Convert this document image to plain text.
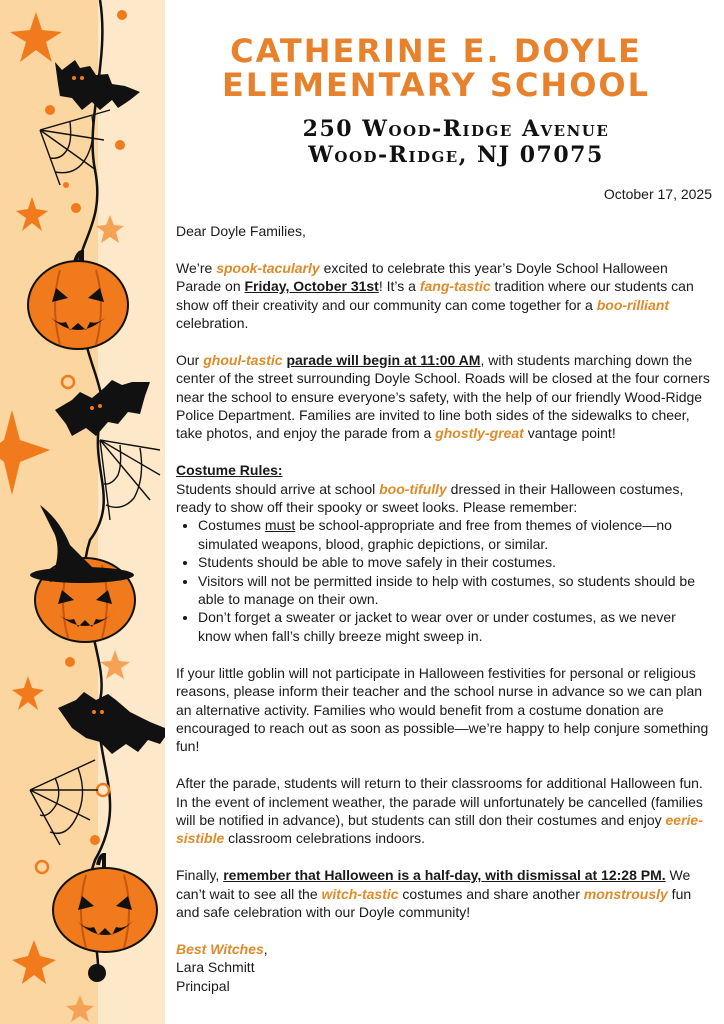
CATHERINE E. DOYLE
ELEMENTARY SCHOOL
250 Wood-Ridge Avenue
Wood-Ridge, NJ 07075
October 17, 2025

Dear Doyle Families,

We’re spook-tacularly excited to celebrate this year’s Doyle School Halloween Parade on Friday, October 31st! It’s a fang-tastic tradition where our students can show off their creativity and our community can come together for a boo-rilliant celebration.

Our ghoul-tastic parade will begin at 11:00 AM, with students marching down the center of the street surrounding Doyle School. Roads will be closed at the four corners near the school to ensure everyone’s safety, with the help of our friendly Wood-Ridge Police Department. Families are invited to line both sides of the sidewalks to cheer, take photos, and enjoy the parade from a ghostly-great vantage point!

Costume Rules:
Students should arrive at school boo-tifully dressed in their Halloween costumes, ready to show off their spooky or sweet looks. Please remember:
• Costumes must be school-appropriate and free from themes of violence—no simulated weapons, blood, graphic depictions, or similar.
• Students should be able to move safely in their costumes.
• Visitors will not be permitted inside to help with costumes, so students should be able to manage on their own.
• Don’t forget a sweater or jacket to wear over or under costumes, as we never know when fall’s chilly breeze might sweep in.

If your little goblin will not participate in Halloween festivities for personal or religious reasons, please inform their teacher and the school nurse in advance so we can plan an alternative activity. Families who would benefit from a costume donation are encouraged to reach out as soon as possible—we’re happy to help conjure something fun!

After the parade, students will return to their classrooms for additional Halloween fun. In the event of inclement weather, the parade will unfortunately be cancelled (families will be notified in advance), but students can still don their costumes and enjoy eerie-sistible classroom celebrations indoors.

Finally, remember that Halloween is a half-day, with dismissal at 12:28 PM. We can’t wait to see all the witch-tastic costumes and share another monstrously fun and safe celebration with our Doyle community!

Best Witches,
Lara Schmitt
Principal
